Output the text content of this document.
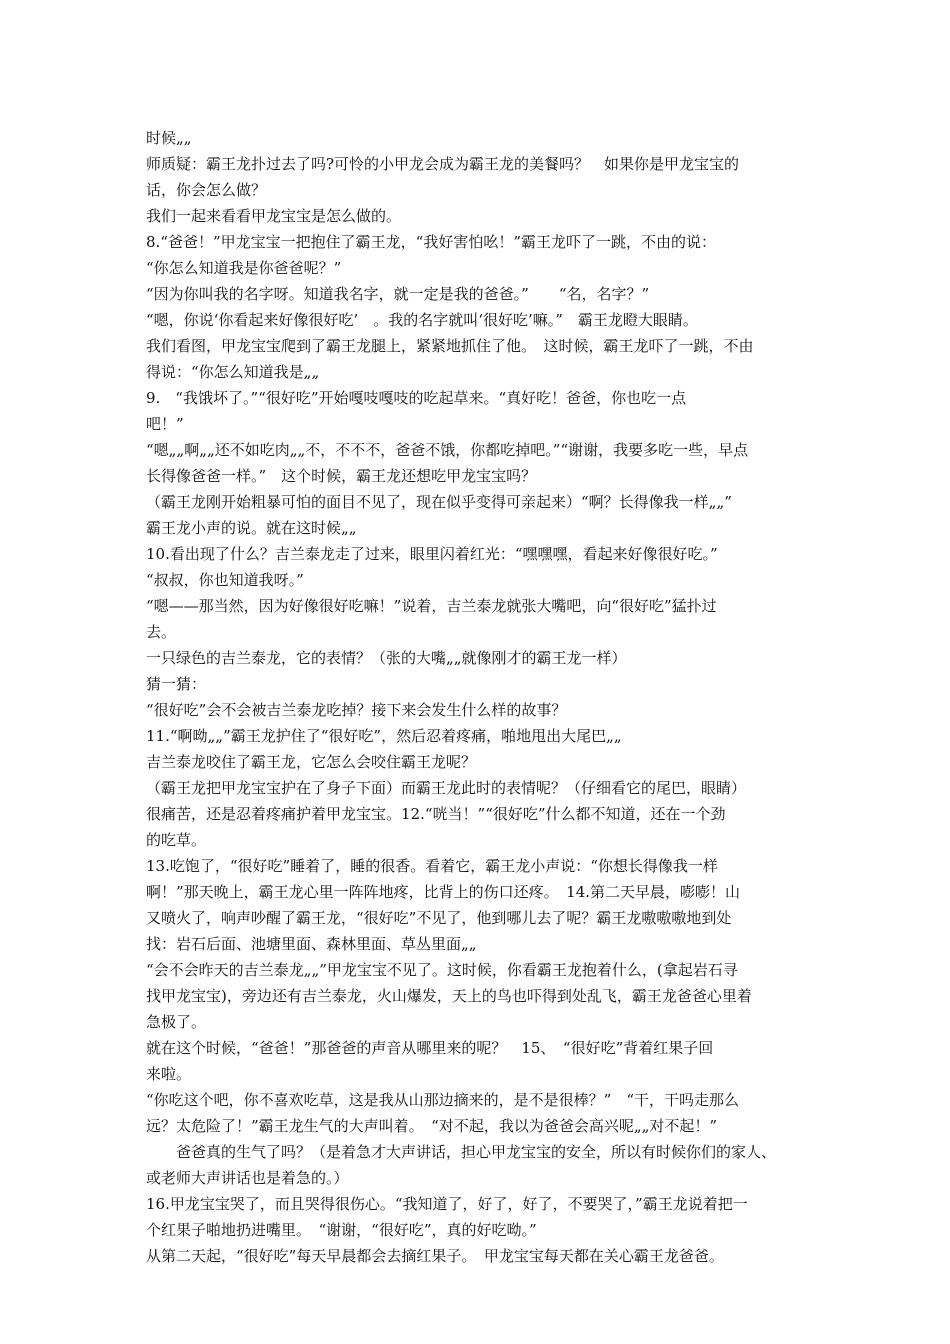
时候„„
师质疑：霸王龙扑过去了吗?可怜的小甲龙会成为霸王龙的美餐吗？　如果你是甲龙宝宝的
话，你会怎么做？
我们一起来看看甲龙宝宝是怎么做的。
8.“爸爸！”甲龙宝宝一把抱住了霸王龙，“我好害怕吆！”霸王龙吓了一跳，不由的说：
“你怎么知道我是你爸爸呢？”
“因为你叫我的名字呀。知道我名字，就一定是我的爸爸。”　　“名，名字？”
“嗯，你说‘你看起来好像很好吃’　。我的名字就叫‘很好吃’嘛。”　霸王龙瞪大眼睛。
我们看图，甲龙宝宝爬到了霸王龙腿上，紧紧地抓住了他。　这时候，霸王龙吓了一跳，不由
得说：“你怎么知道我是„„
9.　“我饿坏了。”“很好吃”开始嘎吱嘎吱的吃起草来。“真好吃！爸爸，你也吃一点
吧！”
“嗯„„啊„„还不如吃肉„„不，不不不，爸爸不饿，你都吃掉吧。”“谢谢，我要多吃一些，早点
长得像爸爸一样。”　这个时候，霸王龙还想吃甲龙宝宝吗？
（霸王龙刚开始粗暴可怕的面目不见了，现在似乎变得可亲起来）“啊？长得像我一样„„”
霸王龙小声的说。就在这时候„„
10.看出现了什么？吉兰泰龙走了过来，眼里闪着红光：“嘿嘿嘿，看起来好像很好吃。”
“叔叔，你也知道我呀。”
“嗯——那当然，因为好像很好吃嘛！”说着，吉兰泰龙就张大嘴吧，向“很好吃”猛扑过
去。
一只绿色的吉兰泰龙，它的表情？（张的大嘴„„就像刚才的霸王龙一样）
猜一猜：
“很好吃”会不会被吉兰泰龙吃掉？接下来会发生什么样的故事？
11.“啊呦„„”霸王龙护住了“很好吃”，然后忍着疼痛，啪地甩出大尾巴„„
吉兰泰龙咬住了霸王龙，它怎么会咬住霸王龙呢？
（霸王龙把甲龙宝宝护在了身子下面）而霸王龙此时的表情呢？（仔细看它的尾巴，眼睛）
很痛苦，还是忍着疼痛护着甲龙宝宝。12.“咣当！”“很好吃”什么都不知道，还在一个劲
的吃草。
13.吃饱了，“很好吃”睡着了，睡的很香。看着它，霸王龙小声说：“你想长得像我一样
啊！”那天晚上，霸王龙心里一阵阵地疼，比背上的伤口还疼。　14.第二天早晨，嘭嘭！山
又喷火了，响声吵醒了霸王龙，“很好吃”不见了，他到哪儿去了呢？霸王龙嗷嗷嗷地到处
找：岩石后面、池塘里面、森林里面、草丛里面„„
“会不会昨天的吉兰泰龙„„”甲龙宝宝不见了。这时候，你看霸王龙抱着什么，(拿起岩石寻
找甲龙宝宝)，旁边还有吉兰泰龙，火山爆发，天上的鸟也吓得到处乱飞，霸王龙爸爸心里着
急极了。
就在这个时候，“爸爸！”那爸爸的声音从哪里来的呢？　15、　“很好吃”背着红果子回
来啦。
“你吃这个吧，你不喜欢吃草，这是我从山那边摘来的，是不是很棒？”　“干，干吗走那么
远？太危险了！”霸王龙生气的大声叫着。　“对不起，我以为爸爸会高兴呢„„对不起！”
爸爸真的生气了吗？（是着急才大声讲话，担心甲龙宝宝的安全，所以有时候你们的家人、
或老师大声讲话也是着急的。）
16.甲龙宝宝哭了，而且哭得很伤心。“我知道了，好了，好了，不要哭了，”霸王龙说着把一
个红果子啪地扔进嘴里。　“谢谢，“很好吃”，真的好吃呦。”
从第二天起，“很好吃”每天早晨都会去摘红果子。　甲龙宝宝每天都在关心霸王龙爸爸。
